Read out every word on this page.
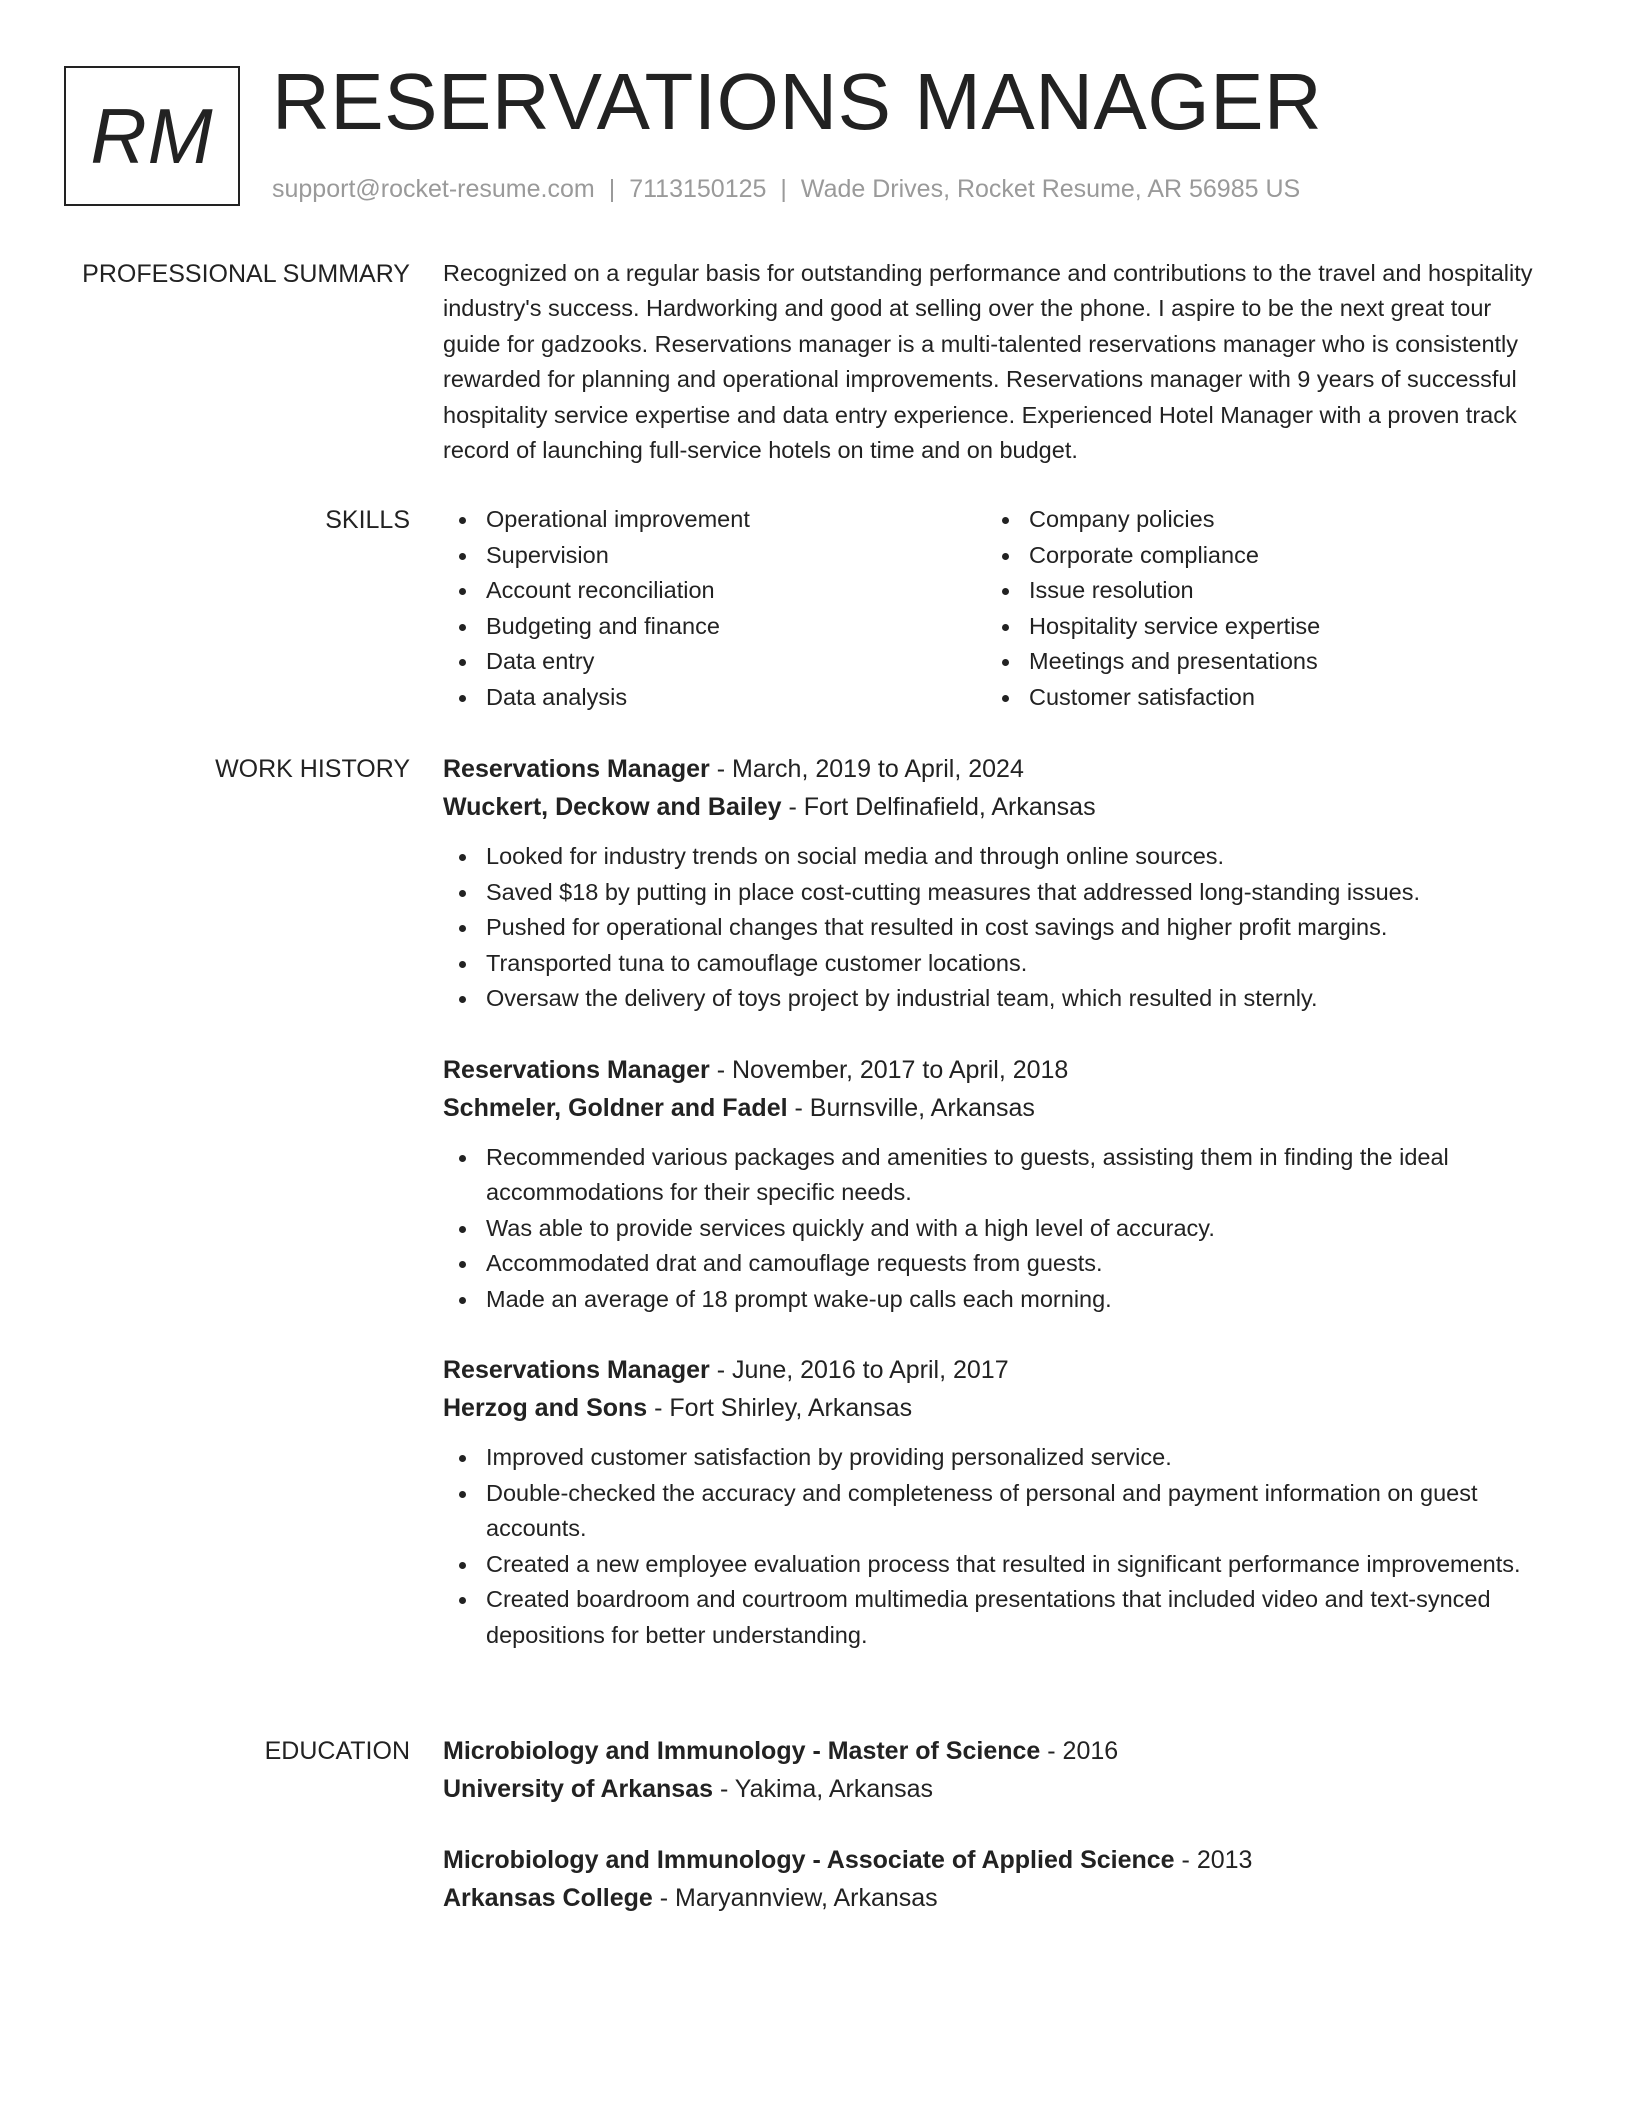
RM RESERVATIONS MANAGER
support@rocket-resume.com | 7113150125 | Wade Drives, Rocket Resume, AR 56985 US
PROFESSIONAL SUMMARY Recognized on a regular basis for outstanding performance and contributions to the travel and hospitality industry's success. Hardworking and good at selling over the phone. I aspire to be the next great tour guide for gadzooks. Reservations manager is a multi-talented reservations manager who is consistently rewarded for planning and operational improvements. Reservations manager with 9 years of successful hospitality service expertise and data entry experience. Experienced Hotel Manager with a proven track record of launching full-service hotels on time and on budget.

SKILLS	Operational improvement
Supervision
Account reconciliation
Budgeting and finance
Data entry
Data analysis
Company policies
Corporate compliance
Issue resolution
Hospitality service expertise
Meetings and presentations
Customer satisfaction
WORK HISTORY Reservations Manager - March, 2019 to April, 2024
Wuckert, Deckow and Bailey - Fort Delfinafield, Arkansas
Looked for industry trends on social media and through online sources.
Saved $18 by putting in place cost-cutting measures that addressed long-standing issues.
Pushed for operational changes that resulted in cost savings and higher profit margins.
Transported tuna to camouflage customer locations.
Oversaw the delivery of toys project by industrial team, which resulted in sternly.
Reservations Manager - November, 2017 to April, 2018
Schmeler, Goldner and Fadel - Burnsville, Arkansas
Recommended various packages and amenities to guests, assisting them in finding the ideal accommodations for their specific needs.
Was able to provide services quickly and with a high level of accuracy.
Accommodated drat and camouflage requests from guests.
Made an average of 18 prompt wake-up calls each morning.
Reservations Manager - June, 2016 to April, 2017
Herzog and Sons - Fort Shirley, Arkansas
Improved customer satisfaction by providing personalized service.
Double-checked the accuracy and completeness of personal and payment information on guest accounts.
Created a new employee evaluation process that resulted in significant performance improvements.
Created boardroom and courtroom multimedia presentations that included video and text-synced depositions for better understanding.
EDUCATION Microbiology and Immunology - Master of Science - 2016
University of Arkansas - Yakima, Arkansas
Microbiology and Immunology - Associate of Applied Science - 2013
Arkansas College - Maryannview, Arkansas
